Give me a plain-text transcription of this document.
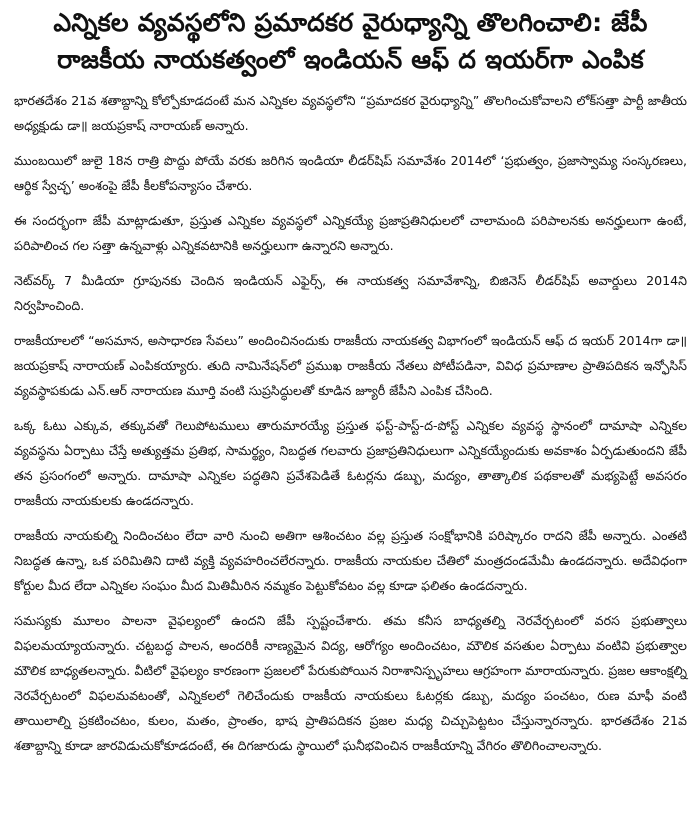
ఎన్నికల వ్యవస్థలోని ప్రమాదకర వైరుధ్యాన్ని తొలగించాలి: జేపీ రాజకీయ నాయకత్వంలో ఇండియన్ ఆఫ్ ద ఇయర్‌గా ఎంపిక

భారతదేశం 21వ శతాబ్దాన్ని కోల్పోకూడదంటే మన ఎన్నికల వ్యవస్థలోని “ప్రమాదకర వైరుధ్యాన్ని” తొలగించుకోవాలని లోక్‌సత్తా పార్టీ జాతీయ అధ్యక్షుడు డా॥ జయప్రకాష్ నారాయణ్ అన్నారు.

ముంబయిలో జులై 18న రాత్రి పొద్దు పోయే వరకు జరిగిన ఇండియా లీడర్‌షిప్ సమావేశం 2014లో ‘ప్రభుత్వం, ప్రజాస్వామ్య సంస్కరణలు, ఆర్థిక స్వేచ్ఛ’ అంశంపై జేపీ కీలకోపన్యాసం చేశారు.

ఈ సందర్భంగా జేపీ మాట్లాడుతూ, ప్రస్తుత ఎన్నికల వ్యవస్థలో ఎన్నికయ్యే ప్రజాప్రతినిధులలో చాలామంది పరిపాలనకు అనర్హులుగా ఉంటే, పరిపాలించ గల సత్తా ఉన్నవాళ్లు ఎన్నికవటానికి అనర్హులుగా ఉన్నారని అన్నారు.

నెట్‌వర్క్ 7 మీడియా గ్రూపునకు చెందిన ఇండియన్ ఎఫైర్స్, ఈ నాయకత్వ సమావేశాన్ని, బిజినెస్ లీడర్‌షిప్ అవార్డులు 2014ని నిర్వహించింది.

రాజకీయాలలో “అసమాన, అసాధారణ సేవలు” అందించినందుకు రాజకీయ నాయకత్వ విభాగంలో ఇండియన్ ఆఫ్ ద ఇయర్ 2014గా డా॥ జయప్రకాష్ నారాయణ్ ఎంపికయ్యారు. తుది నామినేషన్‌లో ప్రముఖ రాజకీయ నేతలు పోటీపడినా, వివిధ ప్రమాణాల ప్రాతిపదికన ఇన్ఫోసిస్ వ్యవస్థాపకుడు ఎన్.ఆర్ నారాయణ మూర్తి వంటి సుప్రసిద్ధులతో కూడిన జ్యూరీ జేపీని ఎంపిక చేసింది.

ఒక్క ఓటు ఎక్కువ, తక్కువతో గెలుపోటములు తారుమారయ్యే ప్రస్తుత ఫస్ట్-పాస్ట్-ద-పోస్ట్ ఎన్నికల వ్యవస్థ స్థానంలో దామాషా ఎన్నికల వ్యవస్థను ఏర్పాటు చేస్తే అత్యుత్తమ ప్రతిభ, సామర్థ్యం, నిబద్ధత గలవారు ప్రజాప్రతినిధులుగా ఎన్నికయ్యేందుకు అవకాశం ఏర్పడుతుందని జేపీ తన ప్రసంగంలో అన్నారు. దామాషా ఎన్నికల పద్ధతిని ప్రవేశపెడితే ఓటర్లను డబ్బు, మద్యం, తాత్కాలిక పథకాలతో మభ్యపెట్టే అవసరం రాజకీయ నాయకులకు ఉండదన్నారు.

రాజకీయ నాయకుల్ని నిందించటం లేదా వారి నుంచి అతిగా ఆశించటం వల్ల ప్రస్తుత సంక్షోభానికి పరిష్కారం రాదని జేపీ అన్నారు. ఎంతటి నిబద్ధత ఉన్నా, ఒక పరిమితిని దాటి వ్యక్తి వ్యవహరించలేరన్నారు. రాజకీయ నాయకుల చేతిలో మంత్రదండమేమీ ఉండదన్నారు. అదేవిధంగా కోర్టుల మీద లేదా ఎన్నికల సంఘం మీద మితిమీరిన నమ్మకం పెట్టుకోవటం వల్ల కూడా ఫలితం ఉండదన్నారు.

సమస్యకు మూలం పాలనా వైఫల్యంలో ఉందని జేపీ స్పష్టంచేశారు. తమ కనీస బాధ్యతల్ని నెరవేర్చటంలో వరస ప్రభుత్వాలు విఫలమయ్యాయన్నారు. చట్టబద్ధ పాలన, అందరికీ నాణ్యమైన విద్య, ఆరోగ్యం అందించటం, మౌలిక వసతుల ఏర్పాటు వంటివి ప్రభుత్వాల మౌలిక బాధ్యతలన్నారు. వీటిలో వైఫల్యం కారణంగా ప్రజలలో పేరుకుపోయిన నిరాశానిస్పృహలు ఆగ్రహంగా మారాయన్నారు. ప్రజల ఆకాంక్షల్ని నెరవేర్చటంలో విఫలమవటంతో, ఎన్నికలలో గెలిచేందుకు రాజకీయ నాయకులు ఓటర్లకు డబ్బు, మద్యం పంచటం, రుణ మాఫీ వంటి తాయిలాల్ని ప్రకటించటం, కులం, మతం, ప్రాంతం, భాష ప్రాతిపదికన ప్రజల మధ్య చిచ్చుపెట్టటం చేస్తున్నారన్నారు. భారతదేశం 21వ శతాబ్దాన్ని కూడా జారవిడుచుకోకూడదంటే, ఈ దిగజారుడు స్థాయిలో ఘనీభవించిన రాజకీయాన్ని వేగిరం తొలిగించాలన్నారు.
